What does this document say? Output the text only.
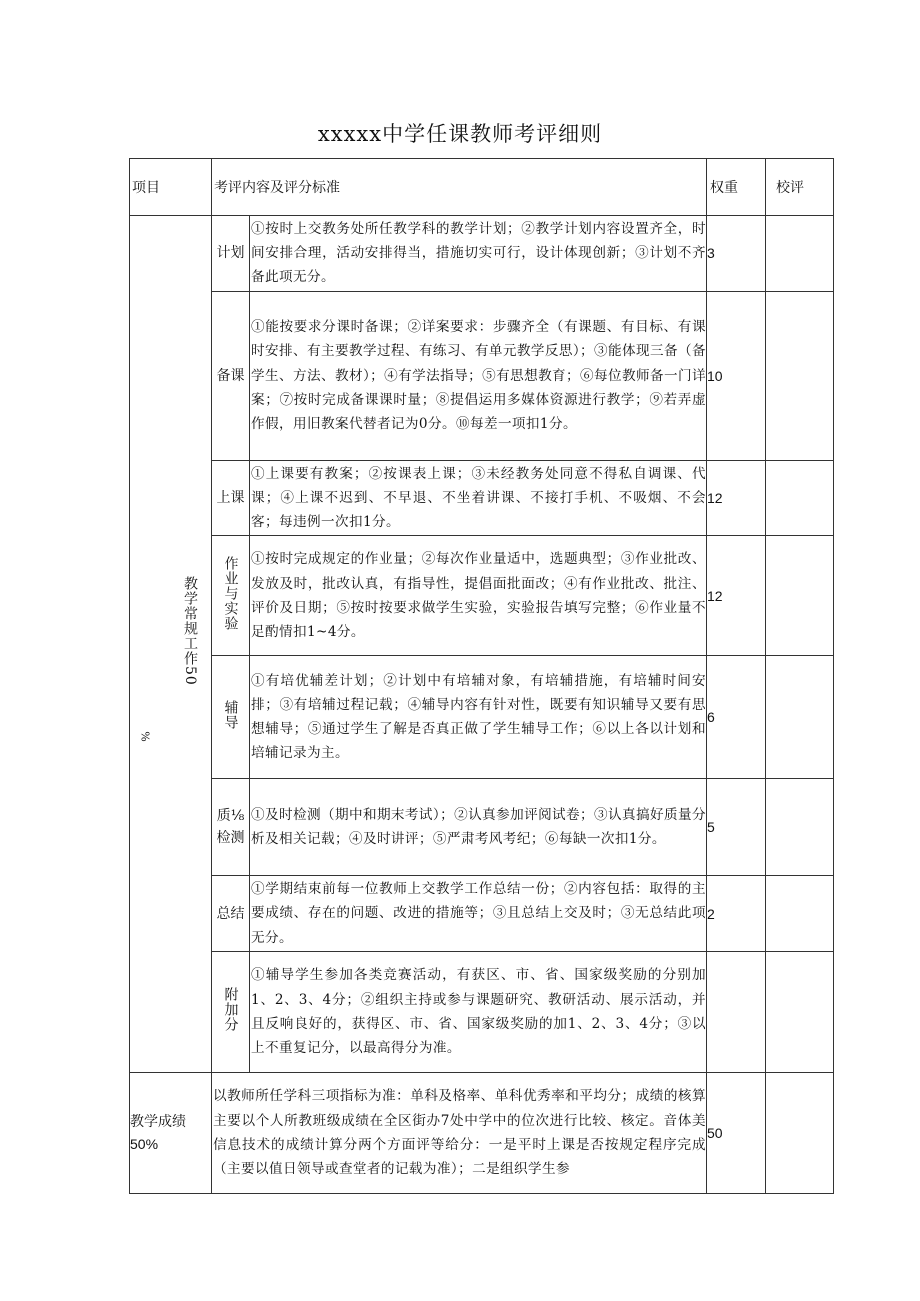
xxxxx中学任课教师考评细则
项目	考评内容及评分标准		权重	校评

教学常规工作50
%	计划	①按时上交教务处所任教学科的教学计划；②教学计划内容设置齐全，时间安排合理，活动安排得当，措施切实可行，设计体现创新；③计划不齐备此项无分。	3	
	备课	①能按要求分课时备课；②详案要求：步骤齐全（有课题、有目标、有课时安排、有主要教学过程、有练习、有单元教学反思）；③能体现三备（备学生、方法、教材）；④有学法指导；⑤有思想教育；⑥每位教师备一门详案；⑦按时完成备课课时量；⑧提倡运用多媒体资源进行教学；⑨若弄虚作假，用旧教案代替者记为0分。⑩每差一项扣1分。	10	
	上课	①上课要有教案；②按课表上课；③未经教务处同意不得私自调课、代课；④上课不迟到、不早退、不坐着讲课、不接打手机、不吸烟、不会客；每违例一次扣1分。	12	
	作业与实验	①按时完成规定的作业量；②每次作业量适中，选题典型；③作业批改、发放及时，批改认真，有指导性，提倡面批面改；④有作业批改、批注、评价及日期；⑤按时按要求做学生实验，实验报告填写完整；⑥作业量不足酌情扣1~4分。	12	
	辅导	①有培优辅差计划；②计划中有培辅对象，有培辅措施，有培辅时间安排；③有培辅过程记载；④辅导内容有针对性，既要有知识辅导又要有思想辅导；⑤通过学生了解是否真正做了学生辅导工作；⑥以上各以计划和培辅记录为主。	6	
	质⅛检测	①及时检测（期中和期末考试）；②认真参加评阅试卷；③认真搞好质量分析及相关记载；④及时讲评；⑤严肃考风考纪；⑥每缺一次扣1分。	5	
	总结	①学期结束前每一位教师上交教学工作总结一份；②内容包括：取得的主要成绩、存在的问题、改进的措施等；③且总结上交及时；③无总结此项无分。	2	
	附加分	①辅导学生参加各类竞赛活动，有获区、市、省、国家级奖励的分别加1、2、3、4分；②组织主持或参与课题研究、教研活动、展示活动，并且反响良好的，获得区、市、省、国家级奖励的加1、2、3、4分；③以上不重复记分，以最高得分为准。		

教学成绩
50%	以教师所任学科三项指标为准：单科及格率、单科优秀率和平均分；成绩的核算主要以个人所教班级成绩在全区街办7处中学中的位次进行比较、核定。音体美信息技术的成绩计算分两个方面评等给分：一是平时上课是否按规定程序完成（主要以值日领导或查堂者的记载为准）；二是组织学生参		50	
